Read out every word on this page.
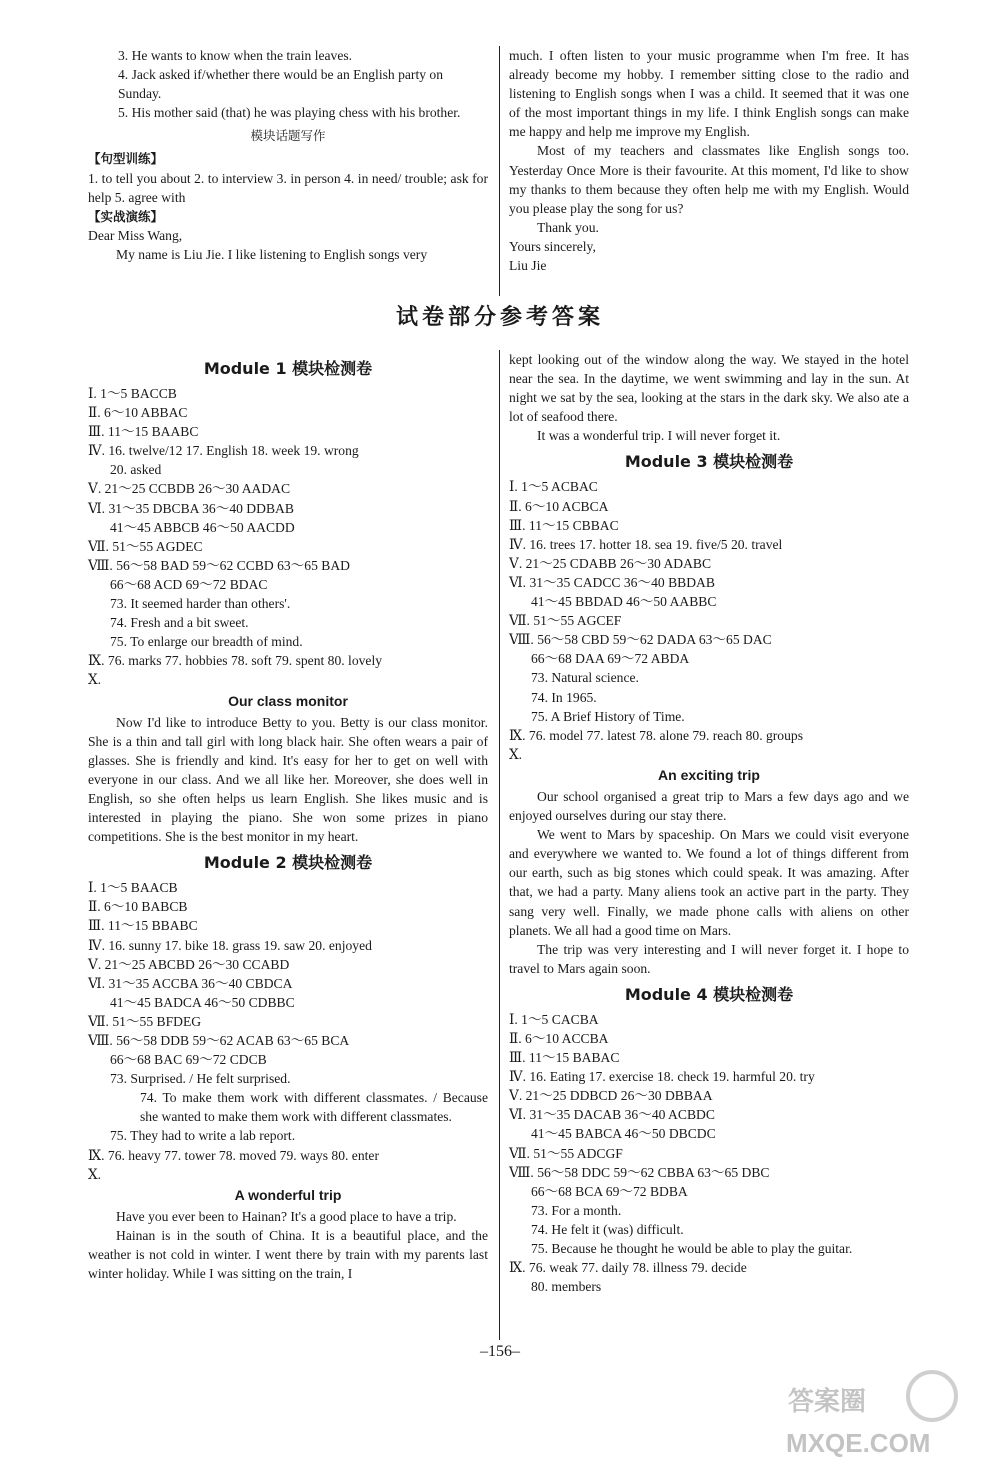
3. He wants to know when the train leaves.

4. Jack asked if/whether there would be an English party on Sunday.

5. His mother said (that) he was playing chess with his brother.

模块话题写作

【句型训练】

1. to tell you about 2. to interview 3. in person 4. in need/ trouble; ask for help 5. agree with

【实战演练】

Dear Miss Wang,

My name is Liu Jie. I like listening to English songs very

much. I often listen to your music programme when I'm free. It has already become my hobby. I remember sitting close to the radio and listening to English songs when I was a child. It seemed that it was one of the most important things in my life. I think English songs can make me happy and help me improve my English.

Most of my teachers and classmates like English songs too. Yesterday Once More is their favourite. At this moment, I'd like to show my thanks to them because they often help me with my English. Would you please play the song for us?

Thank you.

Yours sincerely,

Liu Jie

试卷部分参考答案

Module 1 模块检测卷

Ⅰ. 1～5 BACCB

Ⅱ. 6～10 ABBAC

Ⅲ. 11～15 BAABC

Ⅳ. 16. twelve/12 17. English 18. week 19. wrong

20. asked

Ⅴ. 21～25 CCBDB 26～30 AADAC

Ⅵ. 31～35 DBCBA 36～40 DDBAB

41～45 ABBCB 46～50 AACDD

Ⅶ. 51～55 AGDEC

Ⅷ. 56～58 BAD 59～62 CCBD 63～65 BAD

66～68 ACD 69～72 BDAC

73. It seemed harder than others'.

74. Fresh and a bit sweet.

75. To enlarge our breadth of mind.

Ⅸ. 76. marks 77. hobbies 78. soft 79. spent 80. lovely

Ⅹ.

Our class monitor

Now I'd like to introduce Betty to you. Betty is our class monitor. She is a thin and tall girl with long black hair. She often wears a pair of glasses. She is friendly and kind. It's easy for her to get on well with everyone in our class. And we all like her. Moreover, she does well in English, so she often helps us learn English. She likes music and is interested in playing the piano. She won some prizes in piano competitions. She is the best monitor in my heart.

Module 2 模块检测卷

Ⅰ. 1～5 BAACB

Ⅱ. 6～10 BABCB

Ⅲ. 11～15 BBABC

Ⅳ. 16. sunny 17. bike 18. grass 19. saw 20. enjoyed

Ⅴ. 21～25 ABCBD 26～30 CCABD

Ⅵ. 31～35 ACCBA 36～40 CBDCA

41～45 BADCA 46～50 CDBBC

Ⅶ. 51～55 BFDEG

Ⅷ. 56～58 DDB 59～62 ACAB 63～65 BCA

66～68 BAC 69～72 CDCB

73. Surprised. / He felt surprised.

74. To make them work with different classmates. / Because she wanted to make them work with different classmates.

75. They had to write a lab report.

Ⅸ. 76. heavy 77. tower 78. moved 79. ways 80. enter

Ⅹ.

A wonderful trip

Have you ever been to Hainan? It's a good place to have a trip.

Hainan is in the south of China. It is a beautiful place, and the weather is not cold in winter. I went there by train with my parents last winter holiday. While I was sitting on the train, I

kept looking out of the window along the way. We stayed in the hotel near the sea. In the daytime, we went swimming and lay in the sun. At night we sat by the sea, looking at the stars in the dark sky. We also ate a lot of seafood there.

It was a wonderful trip. I will never forget it.

Module 3 模块检测卷

Ⅰ. 1～5 ACBAC

Ⅱ. 6～10 ACBCA

Ⅲ. 11～15 CBBAC

Ⅳ. 16. trees 17. hotter 18. sea 19. five/5 20. travel

Ⅴ. 21～25 CDABB 26～30 ADABC

Ⅵ. 31～35 CADCC 36～40 BBDAB

41～45 BBDAD 46～50 AABBC

Ⅶ. 51～55 AGCEF

Ⅷ. 56～58 CBD 59～62 DADA 63～65 DAC

66～68 DAA 69～72 ABDA

73. Natural science.

74. In 1965.

75. A Brief History of Time.

Ⅸ. 76. model 77. latest 78. alone 79. reach 80. groups

Ⅹ.

An exciting trip

Our school organised a great trip to Mars a few days ago and we enjoyed ourselves during our stay there.

We went to Mars by spaceship. On Mars we could visit everyone and everywhere we wanted to. We found a lot of things different from our earth, such as big stones which could speak. It was amazing. After that, we had a party. Many aliens took an active part in the party. They sang very well. Finally, we made phone calls with aliens on other planets. We all had a good time on Mars.

The trip was very interesting and I will never forget it. I hope to travel to Mars again soon.

Module 4 模块检测卷

Ⅰ. 1～5 CACBA

Ⅱ. 6～10 ACCBA

Ⅲ. 11～15 BABAC

Ⅳ. 16. Eating 17. exercise 18. check 19. harmful 20. try

Ⅴ. 21～25 DDBCD 26～30 DBBAA

Ⅵ. 31～35 DACAB 36～40 ACBDC

41～45 BABCA 46～50 DBCDC

Ⅶ. 51～55 ADCGF

Ⅷ. 56～58 DDC 59～62 CBBA 63～65 DBC

66～68 BCA 69～72 BDBA

73. For a month.

74. He felt it (was) difficult.

75. Because he thought he would be able to play the guitar.

Ⅸ. 76. weak 77. daily 78. illness 79. decide

80. members

–156–
答案圈
MXQE.COM
